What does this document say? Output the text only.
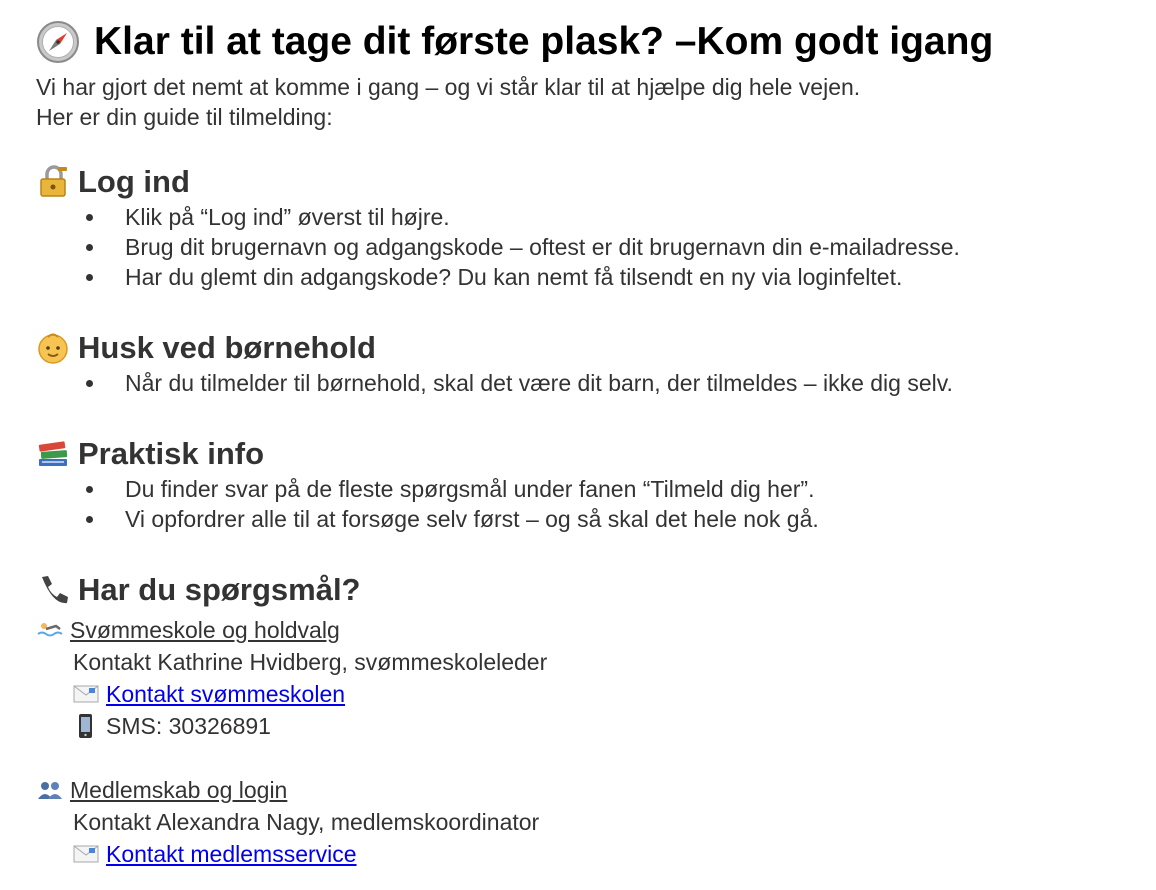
Klar til at tage dit første plask? –Kom godt igang
Vi har gjort det nemt at komme i gang – og vi står klar til at hjælpe dig hele vejen.
Her er din guide til tilmelding:
Log ind
Klik på “Log ind” øverst til højre.
Brug dit brugernavn og adgangskode – oftest er dit brugernavn din e-mailadresse.
Har du glemt din adgangskode? Du kan nemt få tilsendt en ny via loginfeltet.
Husk ved børnehold
Når du tilmelder til børnehold, skal det være dit barn, der tilmeldes – ikke dig selv.
Praktisk info
Du finder svar på de fleste spørgsmål under fanen “Tilmeld dig her”.
Vi opfordrer alle til at forsøge selv først – og så skal det hele nok gå.
Har du spørgsmål?
Svømmeskole og holdvalg
Kontakt Kathrine Hvidberg, svømmeskoleleder
Kontakt svømmeskolen
SMS: 30326891
Medlemskab og login
Kontakt Alexandra Nagy, medlemskoordinator
Kontakt medlemsservice
